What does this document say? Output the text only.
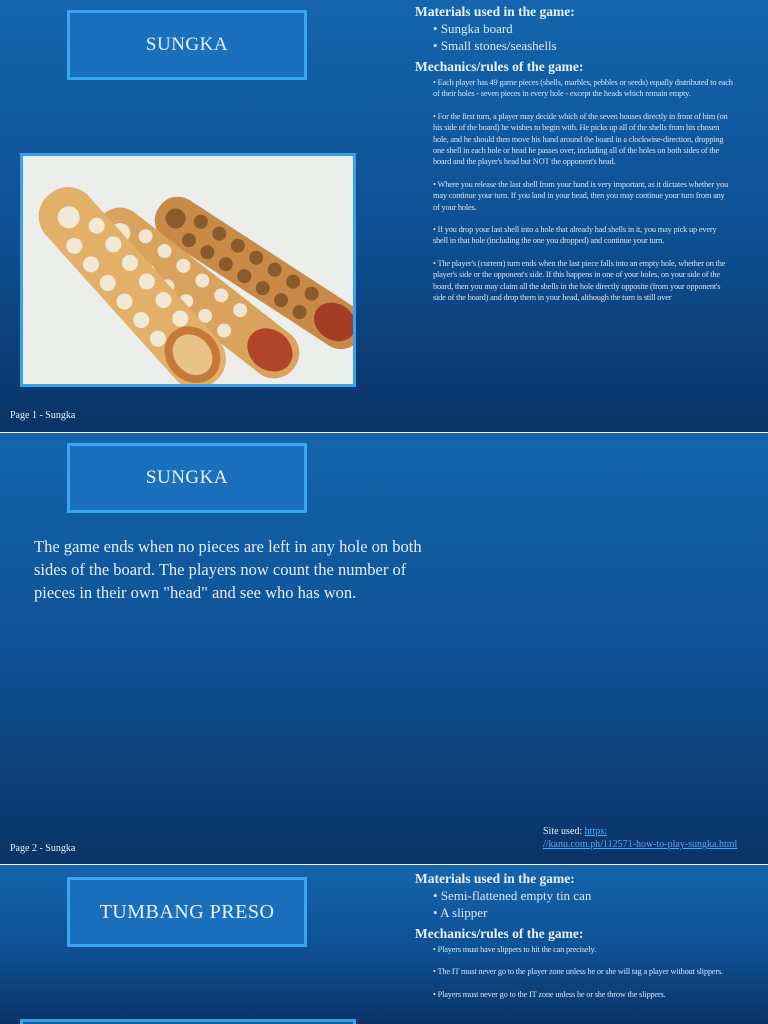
SUNGKA
Materials used in the game:
• Sungka board
• Small stones/seashells
Mechanics/rules of the game:
• Each player has 49 game pieces (shells, marbles, pebbles or seeds) equally distributed to each of their holes - seven pieces in every hole - except the heads which remain empty.
• For the first turn, a player may decide which of the seven houses directly in front of him (on his side of the board) he wishes to begin with. He picks up all of the shells from his chosen hole, and he should then move his hand around the board in a clockwise-direction, dropping one shell in each hole or head he passes over, including all of the holes on both sides of the board and the player's head but NOT the opponent's head.
• Where you release the last shell from your hand is very important, as it dictates whether you may continue your turn. If you land in your head, then you may continue your turn from any of your holes.
• If you drop your last shell into a hole that already had shells in it, you may pick up every shell in that hole (including the one you dropped) and continue your turn.
• The player's (current) turn ends when the last piece falls into an empty hole, whether on the player's side or the opponent's side. If this happens in one of your holes, on your side of the board, then you may claim all the shells in the hole directly opposite (from your opponent's side of the board) and drop them in your head, although the turn is still over
Page 1 - Sungka
SUNGKA
The game ends when no pieces are left in any hole on both sides of the board. The players now count the number of pieces in their own "head" and see who has won.
Site used: https:
//kanu.com.ph/112571-how-to-play-sungka.html
Page 2 - Sungka
TUMBANG PRESO
Materials used in the game:
• Semi-flattened empty tin can
• A slipper
Mechanics/rules of the game:
• Players must have slippers to hit the can precisely.
• The IT must never go to the player zone unless he or she will tag a player without slippers.
• Players must never go to the IT zone unless he or she throw the slippers.
